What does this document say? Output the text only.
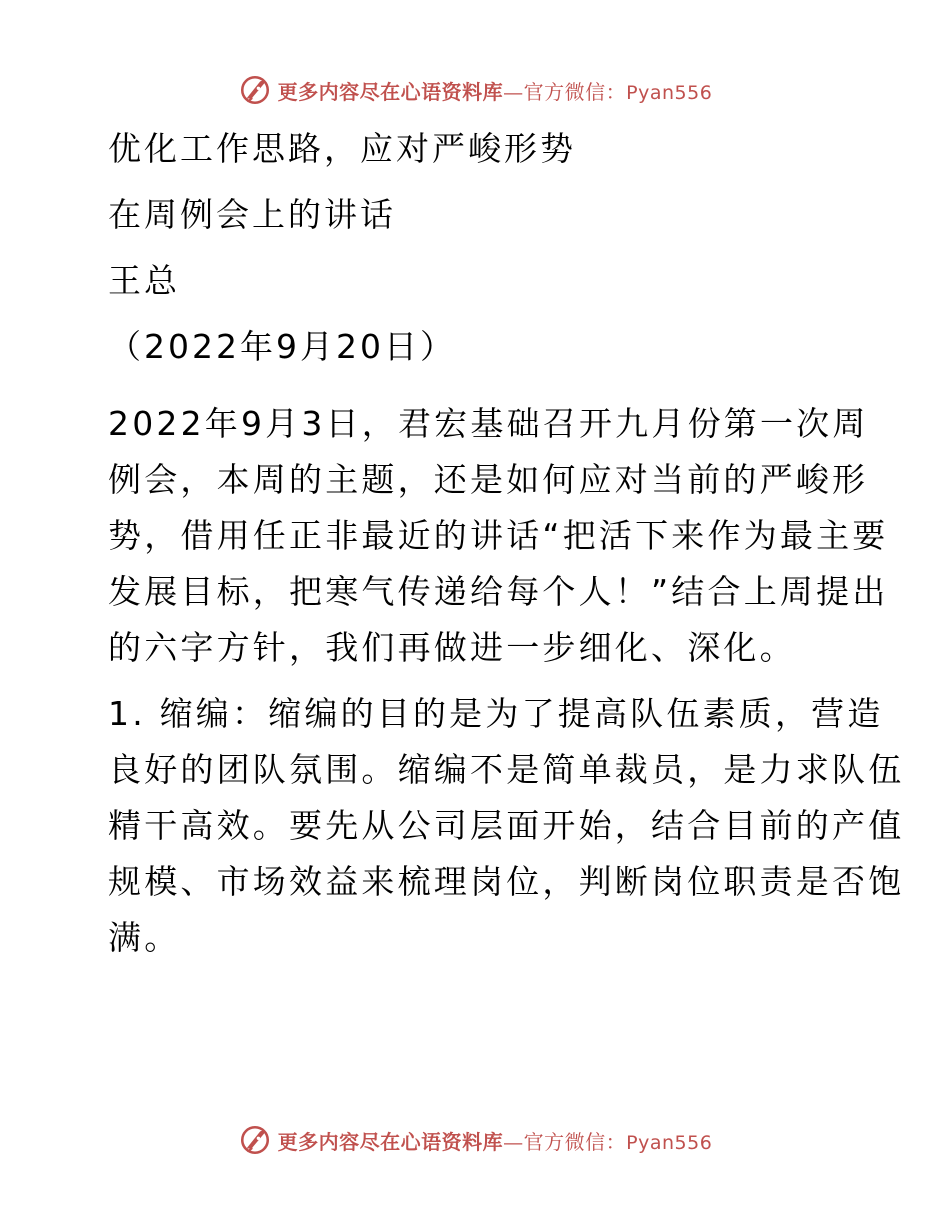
更多内容尽在心语资料库—官方微信：Pyan556

优化工作思路，应对严峻形势

在周例会上的讲话

王总

（2022年9月20日）

2022年9月3日，君宏基础召开九月份第一次周
例会，本周的主题，还是如何应对当前的严峻形
势，借用任正非最近的讲话“把活下来作为最主要
发展目标，把寒气传递给每个人！”结合上周提出
的六字方针，我们再做进一步细化、深化。
1. 缩编：缩编的目的是为了提高队伍素质，营造
良好的团队氛围。缩编不是简单裁员，是力求队伍
精干高效。要先从公司层面开始，结合目前的产值
规模、市场效益来梳理岗位，判断岗位职责是否饱
满。
更多内容尽在心语资料库—官方微信：Pyan556
